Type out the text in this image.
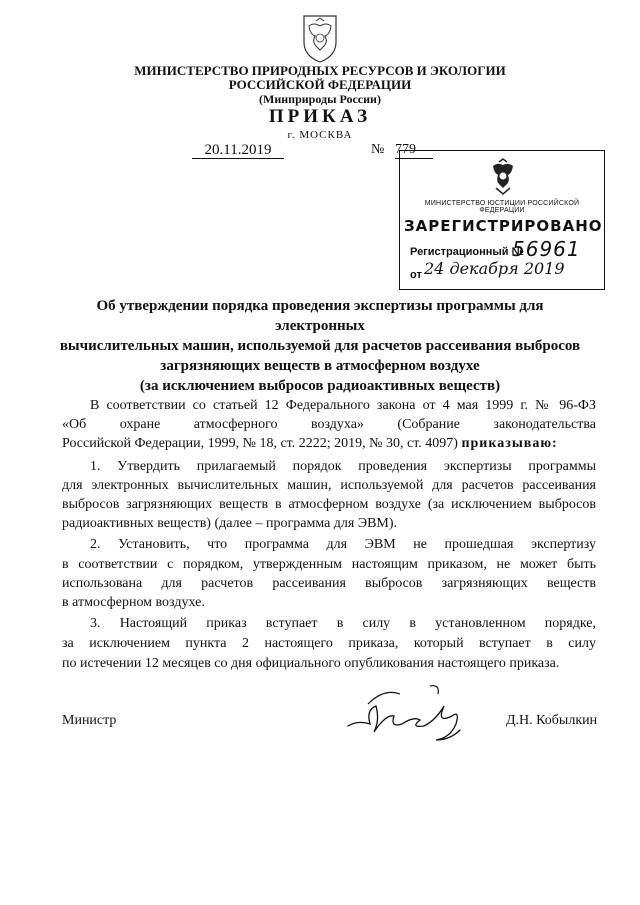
МИНИСТЕРСТВО ПРИРОДНЫХ РЕСУРСОВ И ЭКОЛОГИИ
РОССИЙСКОЙ ФЕДЕРАЦИИ
(Минприроды России)
ПРИКАЗ
г. МОСКВА
20.11.2019	№ 779
МИНИСТЕРСТВО ЮСТИЦИИ РОССИЙСКОЙ ФЕДЕРАЦИИ
ЗАРЕГИСТРИРОВАНО
Регистрационный №
56961
от 24 декабря 2019
Об утверждении порядка проведения экспертизы программы для электронных
вычислительных машин, используемой для расчетов рассеивания выбросов
загрязняющих веществ в атмосферном воздухе
(за исключением выбросов радиоактивных веществ)
В соответствии со статьей 12 Федерального закона от 4 мая 1999 г. № 96-ФЗ
«Об охране атмосферного воздуха» (Собрание законодательства
Российской Федерации, 1999, № 18, ст. 2222; 2019, № 30, ст. 4097) приказываю:
1. Утвердить прилагаемый порядок проведения экспертизы программы
для электронных вычислительных машин, используемой для расчетов рассеивания
выбросов загрязняющих веществ в атмосферном воздухе (за исключением выбросов
радиоактивных веществ) (далее – программа для ЭВМ).
2. Установить, что программа для ЭВМ не прошедшая экспертизу
в соответствии с порядком, утвержденным настоящим приказом, не может быть
использована для расчетов рассеивания выбросов загрязняющих веществ
в атмосферном воздухе.
3. Настоящий приказ вступает в силу в установленном порядке,
за исключением пункта 2 настоящего приказа, который вступает в силу
по истечении 12 месяцев со дня официального опубликования настоящего приказа.
Министр	Д.Н. Кобылкин
